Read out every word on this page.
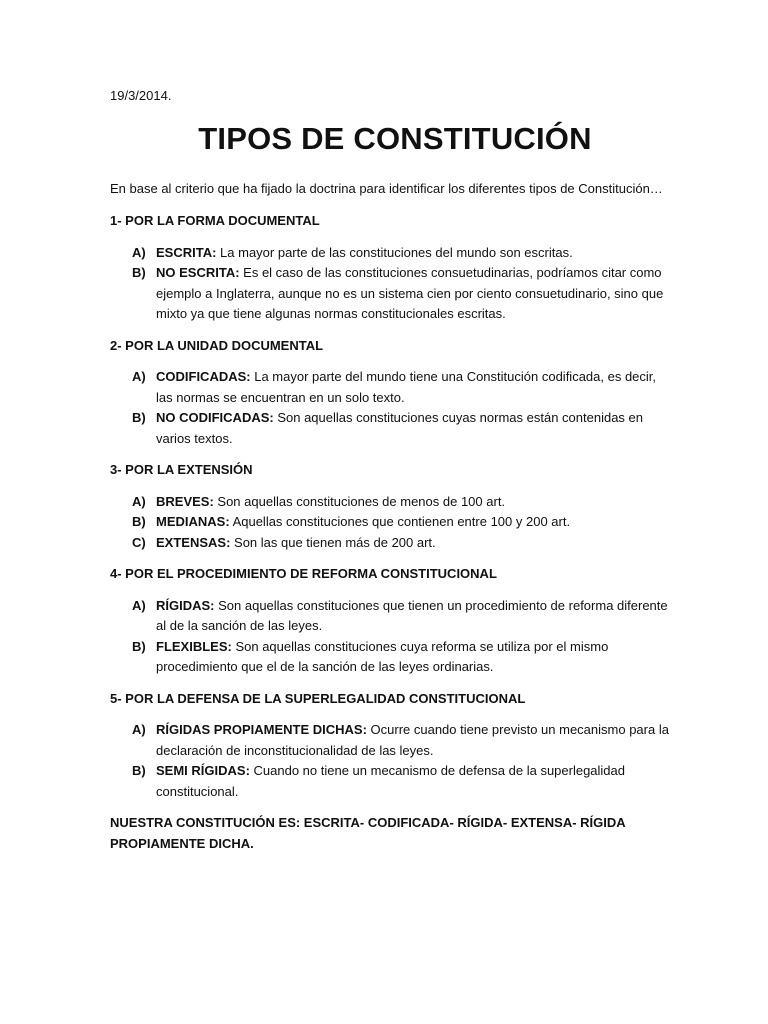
19/3/2014.

TIPOS DE CONSTITUCIÓN

En base al criterio que ha fijado la doctrina para identificar los diferentes tipos de Constitución…

1- POR LA FORMA DOCUMENTAL

A) ESCRITA: La mayor parte de las constituciones del mundo son escritas.
B) NO ESCRITA: Es el caso de las constituciones consuetudinarias, podríamos citar como ejemplo a Inglaterra, aunque no es un sistema cien por ciento consuetudinario, sino que mixto ya que tiene algunas normas constitucionales escritas.

2- POR LA UNIDAD DOCUMENTAL

A) CODIFICADAS: La mayor parte del mundo tiene una Constitución codificada, es decir, las normas se encuentran en un solo texto.
B) NO CODIFICADAS: Son aquellas constituciones cuyas normas están contenidas en varios textos.

3- POR LA EXTENSIÓN

A) BREVES: Son aquellas constituciones de menos de 100 art.
B) MEDIANAS: Aquellas constituciones que contienen entre 100 y 200 art.
C) EXTENSAS: Son las que tienen más de 200 art.

4- POR EL PROCEDIMIENTO DE REFORMA CONSTITUCIONAL

A) RÍGIDAS: Son aquellas constituciones que tienen un procedimiento de reforma diferente al de la sanción de las leyes.
B) FLEXIBLES: Son aquellas constituciones cuya reforma se utiliza por el mismo procedimiento que el de la sanción de las leyes ordinarias.

5- POR LA DEFENSA DE LA SUPERLEGALIDAD CONSTITUCIONAL

A) RÍGIDAS PROPIAMENTE DICHAS: Ocurre cuando tiene previsto un mecanismo para la declaración de inconstitucionalidad de las leyes.
B) SEMI RÍGIDAS: Cuando no tiene un mecanismo de defensa de la superlegalidad constitucional.

NUESTRA CONSTITUCIÓN ES: ESCRITA- CODIFICADA- RÍGIDA- EXTENSA- RÍGIDA PROPIAMENTE DICHA.
